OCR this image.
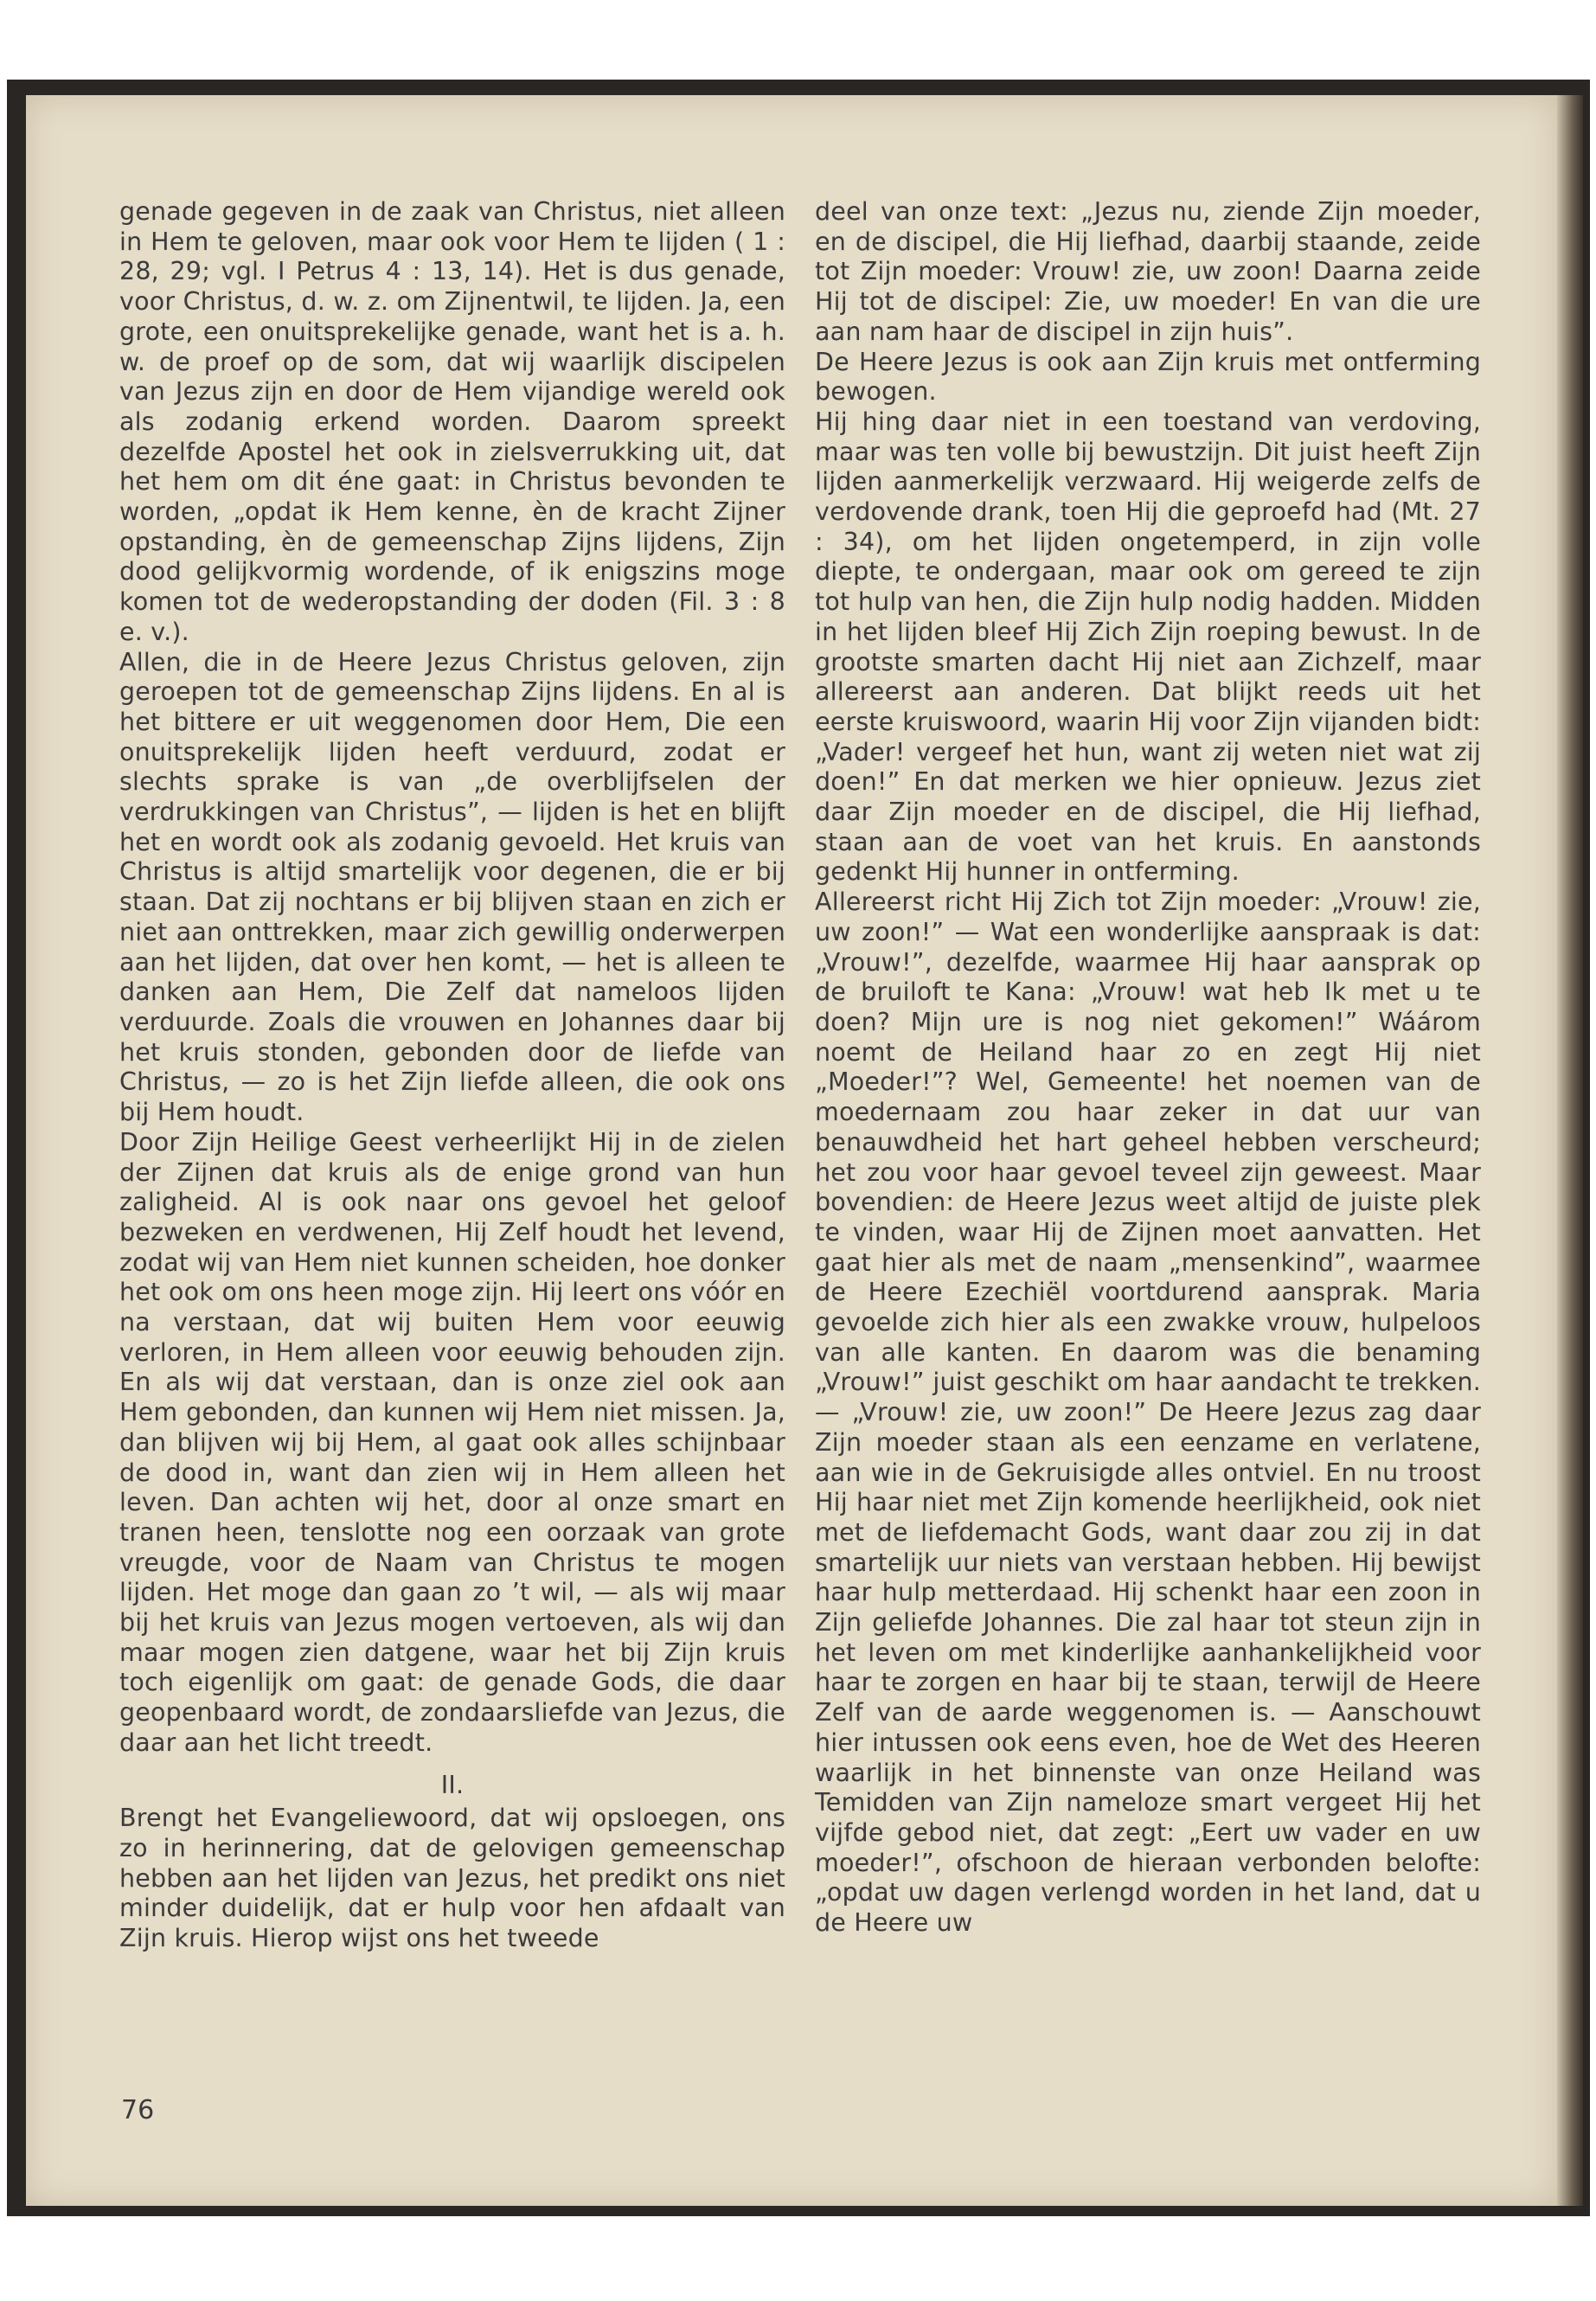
genade gegeven in de zaak van Christus, niet alleen in Hem te geloven, maar ook voor Hem te lijden ( 1 : 28, 29; vgl. I Petrus 4 : 13, 14). Het is dus genade, voor Christus, d. w. z. om Zijnentwil, te lijden. Ja, een grote, een onuitsprekelijke genade, want het is a. h. w. de proef op de som, dat wij waarlijk discipelen van Jezus zijn en door de Hem vijandige wereld ook als zodanig erkend worden. Daarom spreekt dezelfde Apostel het ook in zielsverrukking uit, dat het hem om dit éne gaat: in Christus bevonden te worden, „opdat ik Hem kenne, èn de kracht Zijner opstanding, èn de gemeenschap Zijns lijdens, Zijn dood gelijkvormig wordende, of ik enigszins moge komen tot de wederopstanding der doden (Fil. 3 : 8 e. v.).

Allen, die in de Heere Jezus Christus geloven, zijn geroepen tot de gemeenschap Zijns lijdens. En al is het bittere er uit weggenomen door Hem, Die een onuitsprekelijk lijden heeft verduurd, zodat er slechts sprake is van „de overblijfselen der verdrukkingen van Christus”, — lijden is het en blijft het en wordt ook als zodanig gevoeld. Het kruis van Christus is altijd smartelijk voor degenen, die er bij staan. Dat zij nochtans er bij blijven staan en zich er niet aan onttrekken, maar zich gewillig onderwerpen aan het lijden, dat over hen komt, — het is alleen te danken aan Hem, Die Zelf dat nameloos lijden verduurde. Zoals die vrouwen en Johannes daar bij het kruis stonden, gebonden door de liefde van Christus, — zo is het Zijn liefde alleen, die ook ons bij Hem houdt.

Door Zijn Heilige Geest verheerlijkt Hij in de zielen der Zijnen dat kruis als de enige grond van hun zaligheid. Al is ook naar ons gevoel het geloof bezweken en verdwenen, Hij Zelf houdt het levend, zodat wij van Hem niet kunnen scheiden, hoe donker het ook om ons heen moge zijn. Hij leert ons vóór en na verstaan, dat wij buiten Hem voor eeuwig verloren, in Hem alleen voor eeuwig behouden zijn. En als wij dat verstaan, dan is onze ziel ook aan Hem gebonden, dan kunnen wij Hem niet missen. Ja, dan blijven wij bij Hem, al gaat ook alles schijnbaar de dood in, want dan zien wij in Hem alleen het leven. Dan achten wij het, door al onze smart en tranen heen, tenslotte nog een oorzaak van grote vreugde, voor de Naam van Christus te mogen lijden. Het moge dan gaan zo ’t wil, — als wij maar bij het kruis van Jezus mogen vertoeven, als wij dan maar mogen zien datgene, waar het bij Zijn kruis toch eigenlijk om gaat: de genade Gods, die daar geopenbaard wordt, de zondaarsliefde van Jezus, die daar aan het licht treedt.

II.

Brengt het Evangeliewoord, dat wij opsloegen, ons zo in herinnering, dat de gelovigen gemeenschap hebben aan het lijden van Jezus, het predikt ons niet minder duidelijk, dat er hulp voor hen afdaalt van Zijn kruis. Hierop wijst ons het tweede

deel van onze text: „Jezus nu, ziende Zijn moeder, en de discipel, die Hij liefhad, daarbij staande, zeide tot Zijn moeder: Vrouw! zie, uw zoon! Daarna zeide Hij tot de discipel: Zie, uw moeder! En van die ure aan nam haar de discipel in zijn huis”.

De Heere Jezus is ook aan Zijn kruis met ontferming bewogen.

Hij hing daar niet in een toestand van verdoving, maar was ten volle bij bewustzijn. Dit juist heeft Zijn lijden aanmerkelijk verzwaard. Hij weigerde zelfs de verdovende drank, toen Hij die geproefd had (Mt. 27 : 34), om het lijden ongetemperd, in zijn volle diepte, te ondergaan, maar ook om gereed te zijn tot hulp van hen, die Zijn hulp nodig hadden. Midden in het lijden bleef Hij Zich Zijn roeping bewust. In de grootste smarten dacht Hij niet aan Zichzelf, maar allereerst aan anderen. Dat blijkt reeds uit het eerste kruiswoord, waarin Hij voor Zijn vijanden bidt: „Vader! vergeef het hun, want zij weten niet wat zij doen!” En dat merken we hier opnieuw. Jezus ziet daar Zijn moeder en de discipel, die Hij liefhad, staan aan de voet van het kruis. En aanstonds gedenkt Hij hunner in ontferming.

Allereerst richt Hij Zich tot Zijn moeder: „Vrouw! zie, uw zoon!” — Wat een wonderlijke aanspraak is dat: „Vrouw!”, dezelfde, waarmee Hij haar aansprak op de bruiloft te Kana: „Vrouw! wat heb Ik met u te doen? Mijn ure is nog niet gekomen!” Wáárom noemt de Heiland haar zo en zegt Hij niet „Moeder!”? Wel, Gemeente! het noemen van de moedernaam zou haar zeker in dat uur van benauwdheid het hart geheel hebben verscheurd; het zou voor haar gevoel teveel zijn geweest. Maar bovendien: de Heere Jezus weet altijd de juiste plek te vinden, waar Hij de Zijnen moet aanvatten. Het gaat hier als met de naam „mensenkind”, waarmee de Heere Ezechiël voortdurend aansprak. Maria gevoelde zich hier als een zwakke vrouw, hulpeloos van alle kanten. En daarom was die benaming „Vrouw!” juist geschikt om haar aandacht te trekken. — „Vrouw! zie, uw zoon!” De Heere Jezus zag daar Zijn moeder staan als een eenzame en verlatene, aan wie in de Gekruisigde alles ontviel. En nu troost Hij haar niet met Zijn komende heerlijkheid, ook niet met de liefdemacht Gods, want daar zou zij in dat smartelijk uur niets van verstaan hebben. Hij bewijst haar hulp metterdaad. Hij schenkt haar een zoon in Zijn geliefde Johannes. Die zal haar tot steun zijn in het leven om met kinderlijke aanhankelijkheid voor haar te zorgen en haar bij te staan, terwijl de Heere Zelf van de aarde weggenomen is. — Aanschouwt hier intussen ook eens even, hoe de Wet des Heeren waarlijk in het binnenste van onze Heiland was Temidden van Zijn nameloze smart vergeet Hij het vijfde gebod niet, dat zegt: „Eert uw vader en uw moeder!”, ofschoon de hieraan verbonden belofte: „opdat uw dagen verlengd worden in het land, dat u de Heere uw

76
